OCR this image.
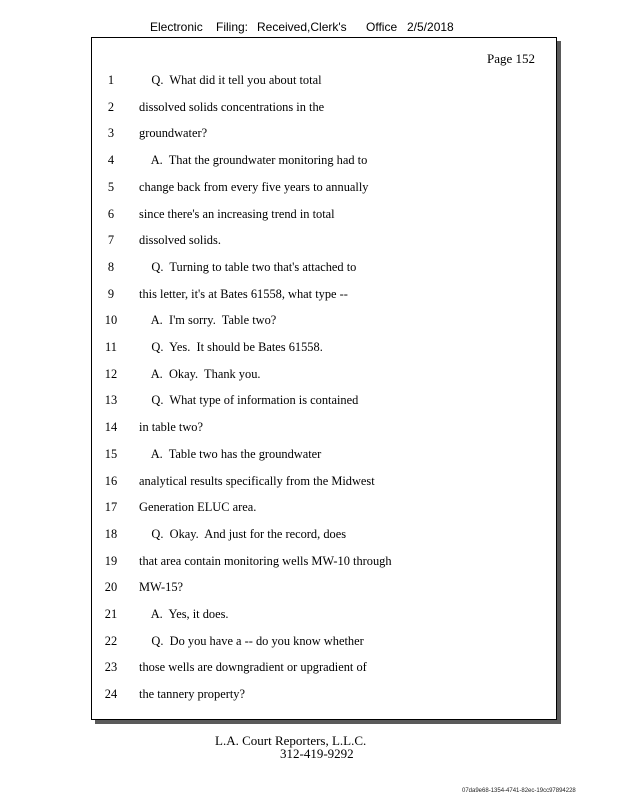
Electronic Filing: Received,Clerk's Office 2/5/2018
Page 152
1	Q.  What did it tell you about total
2	dissolved solids concentrations in the
3	groundwater?
4	A.  That the groundwater monitoring had to
5	change back from every five years to annually
6	since there's an increasing trend in total
7	dissolved solids.
8	Q.  Turning to table two that's attached to
9	this letter, it's at Bates 61558, what type --
10	A.  I'm sorry.  Table two?
11	Q.  Yes.  It should be Bates 61558.
12	A.  Okay.  Thank you.
13	Q.  What type of information is contained
14	in table two?
15	A.  Table two has the groundwater
16	analytical results specifically from the Midwest
17	Generation ELUC area.
18	Q.  Okay.  And just for the record, does
19	that area contain monitoring wells MW-10 through
20	MW-15?
21	A.  Yes, it does.
22	Q.  Do you have a -- do you know whether
23	those wells are downgradient or upgradient of
24	the tannery property?
L.A. Court Reporters, L.L.C.
312-419-9292
07da9e68-1354-4741-82ec-19cc97894228
